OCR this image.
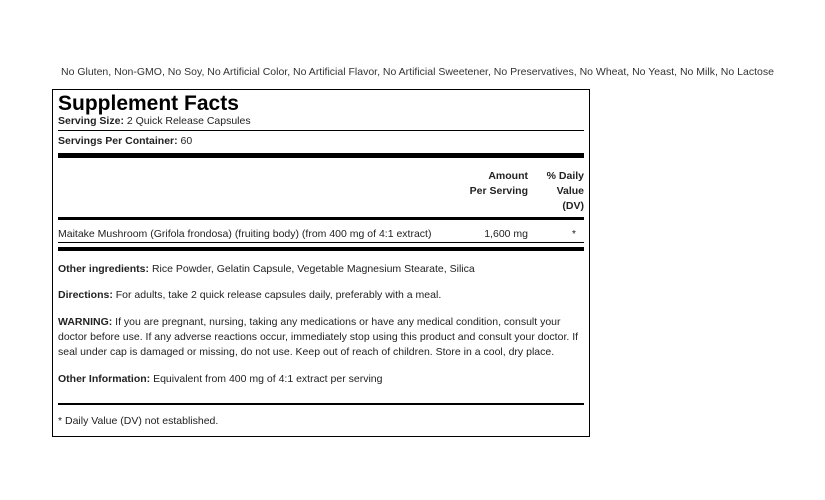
No Gluten, Non-GMO, No Soy, No Artificial Color, No Artificial Flavor, No Artificial Sweetener, No Preservatives, No Wheat, No Yeast, No Milk, No Lactose
Supplement Facts
Serving Size: 2 Quick Release Capsules
Servings Per Container: 60
Amount
Per Serving
% Daily
Value
(DV)
Maitake Mushroom (Grifola frondosa) (fruiting body) (from 400 mg of 4:1 extract)	1,600 mg	*
Other ingredients: Rice Powder, Gelatin Capsule, Vegetable Magnesium Stearate, Silica
Directions: For adults, take 2 quick release capsules daily, preferably with a meal.
WARNING: If you are pregnant, nursing, taking any medications or have any medical condition, consult your doctor before use. If any adverse reactions occur, immediately stop using this product and consult your doctor. If seal under cap is damaged or missing, do not use. Keep out of reach of children. Store in a cool, dry place.
Other Information: Equivalent from 400 mg of 4:1 extract per serving
* Daily Value (DV) not established.
